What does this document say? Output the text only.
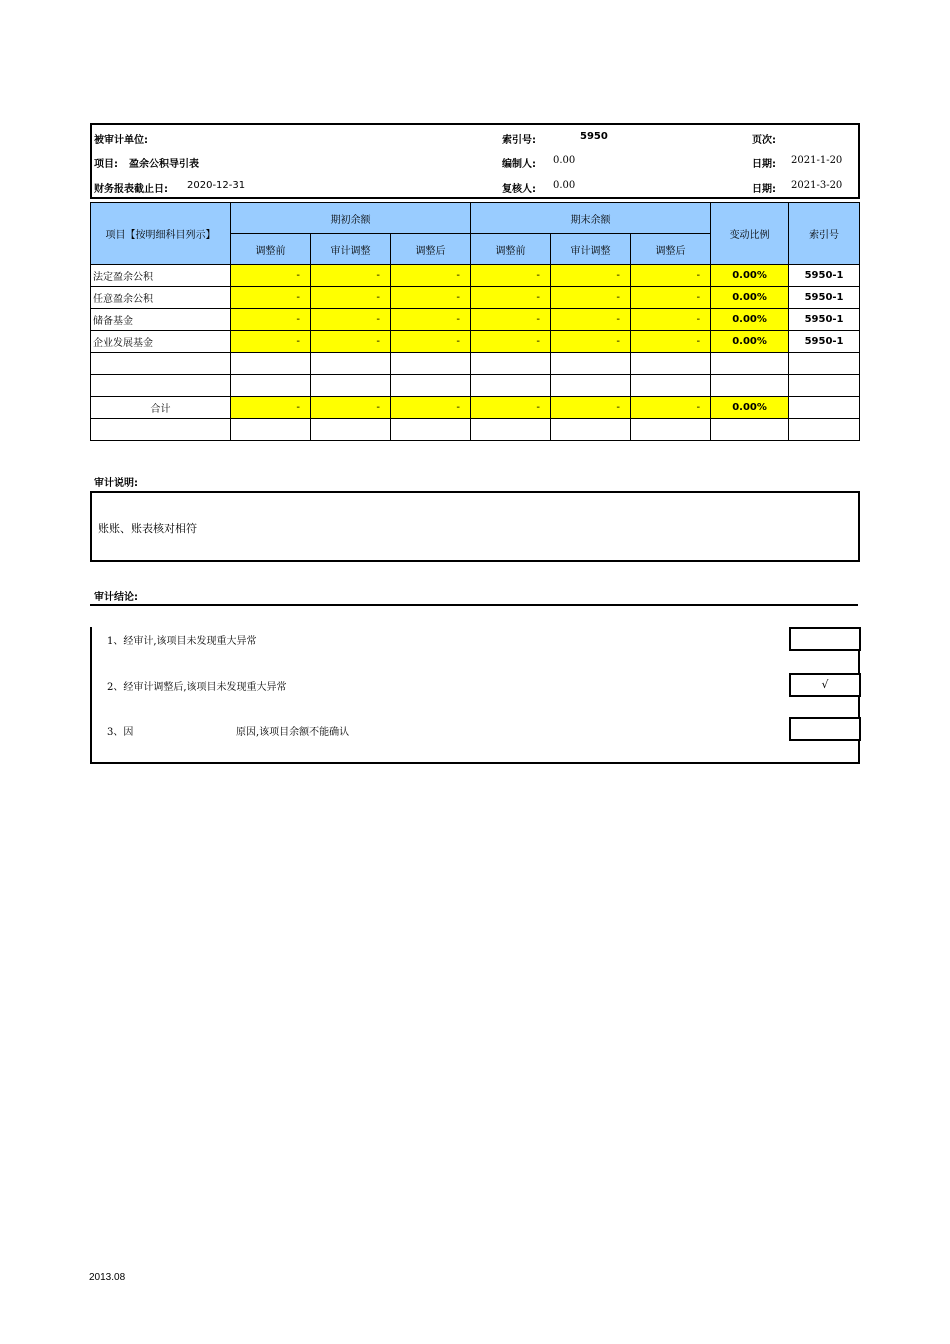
被审计单位:	索引号:	5950	页次:
项目: 盈余公积导引表	编制人: 0.00	日期: 2021-1-20
财务报表截止日: 2020-12-31	复核人: 0.00	日期: 2021-3-20
项目【按明细科目列示】	期初余额			期末余额			变动比例	索引号
	调整前	审计调整	调整后	调整前	审计调整	调整后		
法定盈余公积	-	-	-	-	-	-	0.00%	5950-1
任意盈余公积	-	-	-	-	-	-	0.00%	5950-1
储备基金	-	-	-	-	-	-	0.00%	5950-1
企业发展基金	-	-	-	-	-	-	0.00%	5950-1

合计	-	-	-	-	-	-	0.00%	

审计说明:
账账、账表核对相符
审计结论:
1、经审计,该项目未发现重大异常
2、经审计调整后,该项目未发现重大异常	√
3、因	原因,该项目余额不能确认
2013.08
